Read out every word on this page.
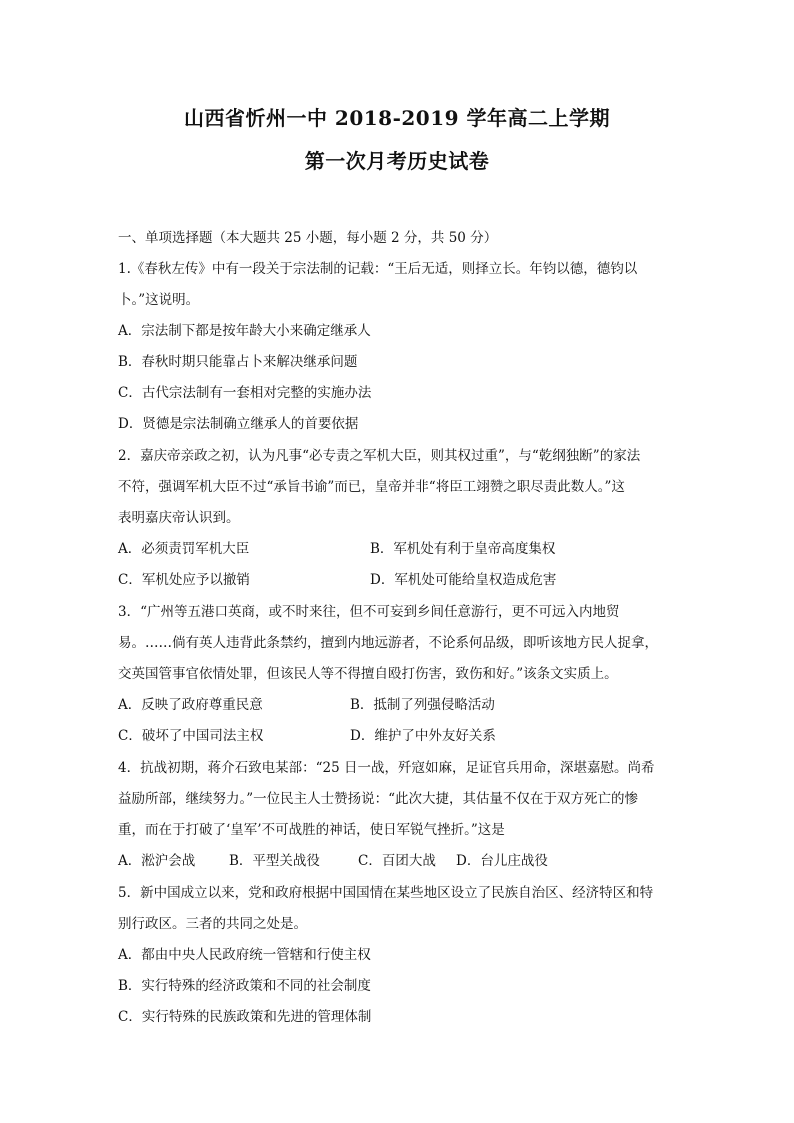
山西省忻州一中 2018-2019 学年高二上学期
第一次月考历史试卷
一、单项选择题（本大题共 25 小题，每小题 2 分，共 50 分）
1.《春秋左传》中有一段关于宗法制的记载：“王后无适，则择立长。年钧以德，德钧以
卜。”这说明。
A．宗法制下都是按年龄大小来确定继承人
B．春秋时期只能靠占卜来解决继承问题
C．古代宗法制有一套相对完整的实施办法
D．贤德是宗法制确立继承人的首要依据
2．嘉庆帝亲政之初，认为凡事“必专责之军机大臣，则其权过重”，与“乾纲独断”的家法
不符，强调军机大臣不过“承旨书谕”而已，皇帝并非“将臣工翊赞之职尽责此数人。”这
表明嘉庆帝认识到。
A．必须责罚军机大臣	B．军机处有利于皇帝高度集权
C．军机处应予以撤销	D．军机处可能给皇权造成危害
3．“广州等五港口英商，或不时来往，但不可妄到乡间任意游行，更不可远入内地贸
易。……倘有英人违背此条禁约，擅到内地远游者，不论系何品级，即听该地方民人捉拿，
交英国管事官依情处罪，但该民人等不得擅自殴打伤害，致伤和好。”该条文实质上。
A．反映了政府尊重民意	B．抵制了列强侵略活动
C．破坏了中国司法主权	D．维护了中外友好关系
4．抗战初期，蒋介石致电某部：“25 日一战，歼寇如麻，足证官兵用命，深堪嘉慰。尚希
益励所部，继续努力。”一位民主人士赞扬说：“此次大捷，其估量不仅在于双方死亡的惨
重，而在于打破了‘皇军’不可战胜的神话，使日军锐气挫折。”这是
A．淞沪会战	B．平型关战役	C．百团大战 D．台儿庄战役
5．新中国成立以来，党和政府根据中国国情在某些地区设立了民族自治区、经济特区和特
别行政区。三者的共同之处是。
A．都由中央人民政府统一管辖和行使主权
B．实行特殊的经济政策和不同的社会制度
C．实行特殊的民族政策和先进的管理体制
